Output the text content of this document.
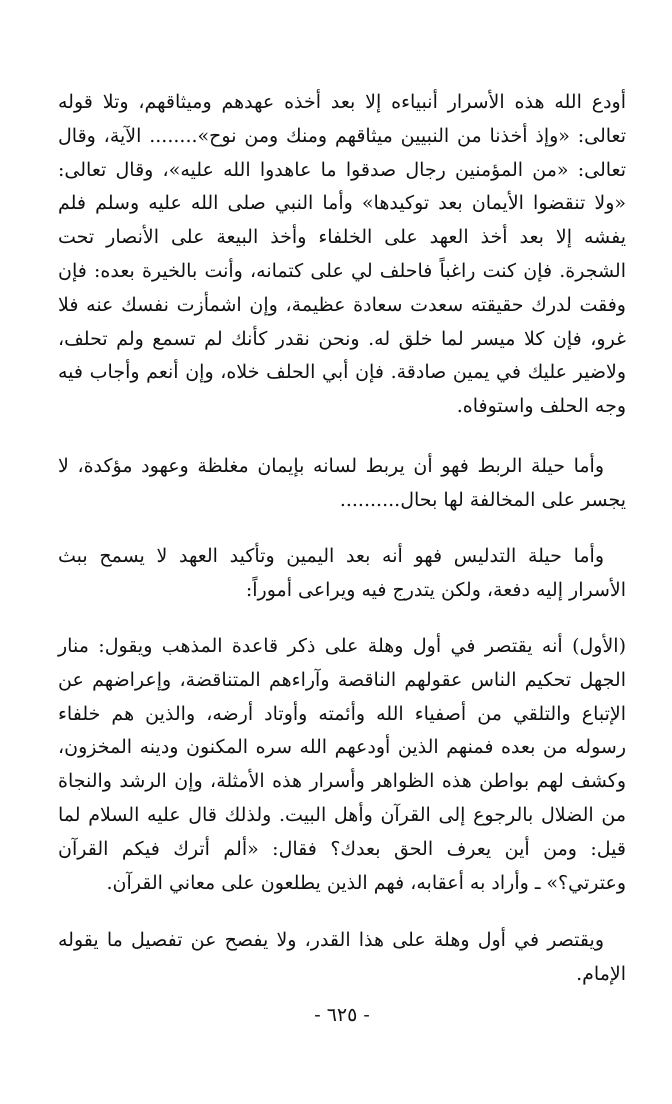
أودع الله هذه الأسرار أنبياءه إلا بعد أخذه عهدهم وميثاقهم، وتلا قوله تعالى: «وإذ أخذنا من النبيين ميثاقهم ومنك ومن نوح»........ الآية، وقال تعالى: «من المؤمنين رجال صدقوا ما عاهدوا الله عليه»، وقال تعالى: «ولا تنقضوا الأيمان بعد توكيدها» وأما النبي صلى الله عليه وسلم فلم يفشه إلا بعد أخذ العهد على الخلفاء وأخذ البيعة على الأنصار تحت الشجرة. فإن كنت راغباً فاحلف لي على كتمانه، وأنت بالخيرة بعده: فإن وفقت لدرك حقيقته سعدت سعادة عظيمة، وإن اشمأزت نفسك عنه فلا غرو، فإن كلا ميسر لما خلق له. ونحن نقدر كأنك لم تسمع ولم تحلف، ولاضير عليك في يمين صادقة. فإن أبي الحلف خلاه، وإن أنعم وأجاب فيه وجه الحلف واستوفاه.

وأما حيلة الربط فهو أن يربط لسانه بإيمان مغلظة وعهود مؤكدة، لا يجسر على المخالفة لها بحال..........

وأما حيلة التدليس فهو أنه بعد اليمين وتأكيد العهد لا يسمح ببث الأسرار إليه دفعة، ولكن يتدرج فيه ويراعى أموراً:

(الأول) أنه يقتصر في أول وهلة على ذكر قاعدة المذهب ويقول: منار الجهل تحكيم الناس عقولهم الناقصة وآراءهم المتناقضة، وإعراضهم عن الإتباع والتلقي من أصفياء الله وأئمته وأوتاد أرضه، والذين هم خلفاء رسوله من بعده فمنهم الذين أودعهم الله سره المكنون ودينه المخزون، وكشف لهم بواطن هذه الظواهر وأسرار هذه الأمثلة، وإن الرشد والنجاة من الضلال بالرجوع إلى القرآن وأهل البيت. ولذلك قال عليه السلام لما قيل: ومن أين يعرف الحق بعدك؟ فقال: «ألم أترك فيكم القرآن وعترتي؟» ـ وأراد به أعقابه، فهم الذين يطلعون على معاني القرآن.

ويقتصر في أول وهلة على هذا القدر، ولا يفصح عن تفصيل ما يقوله الإمام.

- ٦٢٥ -
